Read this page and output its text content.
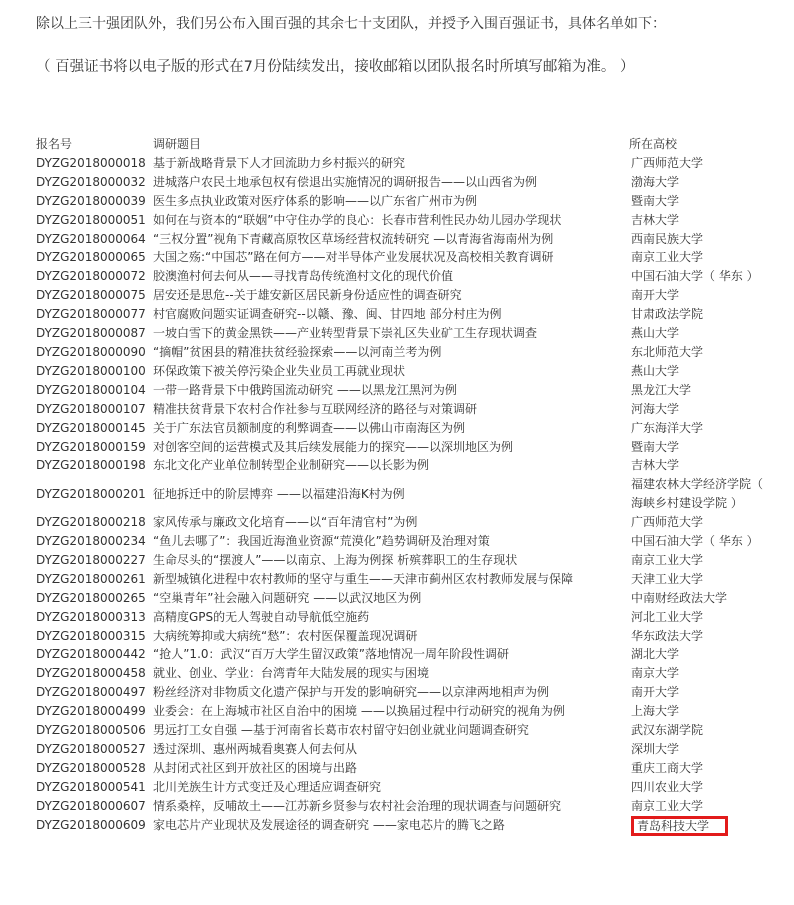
除以上三十强团队外，我们另公布入围百强的其余七十支团队，并授予入围百强证书，具体名单如下：

（ 百强证书将以电子版的形式在7月份陆续发出，接收邮箱以团队报名时所填写邮箱为准。 ）

报名号	调研题目	所在高校
DYZG2018000018	基于新战略背景下人才回流助力乡村振兴的研究	广西师范大学
DYZG2018000032	进城落户农民土地承包权有偿退出实施情况的调研报告——以山西省为例	渤海大学
DYZG2018000039	医生多点执业政策对医疗体系的影响——以广东省广州市为例	暨南大学
DYZG2018000051	如何在与资本的“联姻”中守住办学的良心：长春市营利性民办幼儿园办学现状	吉林大学
DYZG2018000064	“三权分置”视角下青藏高原牧区草场经营权流转研究 —以青海省海南州为例	西南民族大学
DYZG2018000065	大国之殇:“中国芯”路在何方——对半导体产业发展状况及高校相关教育调研	南京工业大学
DYZG2018000072	胶澳渔村何去何从——寻找青岛传统渔村文化的现代价值	中国石油大学（ 华东 ）
DYZG2018000075	居安还是思危--关于雄安新区居民新身份适应性的调查研究	南开大学
DYZG2018000077	村官腐败问题实证调查研究--以赣、豫、闽、甘四地 部分村庄为例	甘肃政法学院
DYZG2018000087	一坡白雪下的黄金黑铁——产业转型背景下崇礼区失业矿工生存现状调查	燕山大学
DYZG2018000090	“摘帽”贫困县的精准扶贫经验探索——以河南兰考为例	东北师范大学
DYZG2018000100	环保政策下被关停污染企业失业员工再就业现状	燕山大学
DYZG2018000104	一带一路背景下中俄跨国流动研究 ——以黑龙江黑河为例	黑龙江大学
DYZG2018000107	精准扶贫背景下农村合作社参与互联网经济的路径与对策调研	河海大学
DYZG2018000145	关于广东法官员额制度的利弊调查——以佛山市南海区为例	广东海洋大学
DYZG2018000159	对创客空间的运营模式及其后续发展能力的探究——以深圳地区为例	暨南大学
DYZG2018000198	东北文化产业单位制转型企业制研究——以长影为例	吉林大学
DYZG2018000201	征地拆迁中的阶层博弈 ——以福建沿海K村为例	福建农林大学经济学院（ 海峡乡村建设学院 ）
DYZG2018000218	家风传承与廉政文化培育——以“百年清官村”为例	广西师范大学
DYZG2018000234	“鱼儿去哪了”：我国近海渔业资源“荒漠化”趋势调研及治理对策	中国石油大学（ 华东 ）
DYZG2018000227	生命尽头的“摆渡人”——以南京、上海为例探 析殡葬职工的生存现状	南京工业大学
DYZG2018000261	新型城镇化进程中农村教师的坚守与重生——天津市蓟州区农村教师发展与保障	天津工业大学
DYZG2018000265	“空巢青年”社会融入问题研究 ——以武汉地区为例	中南财经政法大学
DYZG2018000313	高精度GPS的无人驾驶自动导航低空施药	河北工业大学
DYZG2018000315	大病统筹抑或大病统“愁”：农村医保覆盖现况调研	华东政法大学
DYZG2018000442	“抢人”1.0：武汉“百万大学生留汉政策”落地情况一周年阶段性调研	湖北大学
DYZG2018000458	就业、创业、学业：台湾青年大陆发展的现实与困境	南京大学
DYZG2018000497	粉丝经济对非物质文化遗产保护与开发的影响研究——以京津两地相声为例	南开大学
DYZG2018000499	业委会：在上海城市社区自治中的困境 ——以换届过程中行动研究的视角为例	上海大学
DYZG2018000506	男远打工女自强 —基于河南省长葛市农村留守妇创业就业问题调查研究	武汉东湖学院
DYZG2018000527	透过深圳、惠州两城看奥赛人何去何从	深圳大学
DYZG2018000528	从封闭式社区到开放社区的困境与出路	重庆工商大学
DYZG2018000541	北川羌族生计方式变迁及心理适应调查研究	四川农业大学
DYZG2018000607	情系桑梓，反哺故土——江苏新乡贤参与农村社会治理的现状调查与问题研究	南京工业大学
DYZG2018000609	家电芯片产业现状及发展途径的调查研究 ——家电芯片的腾飞之路	青岛科技大学
